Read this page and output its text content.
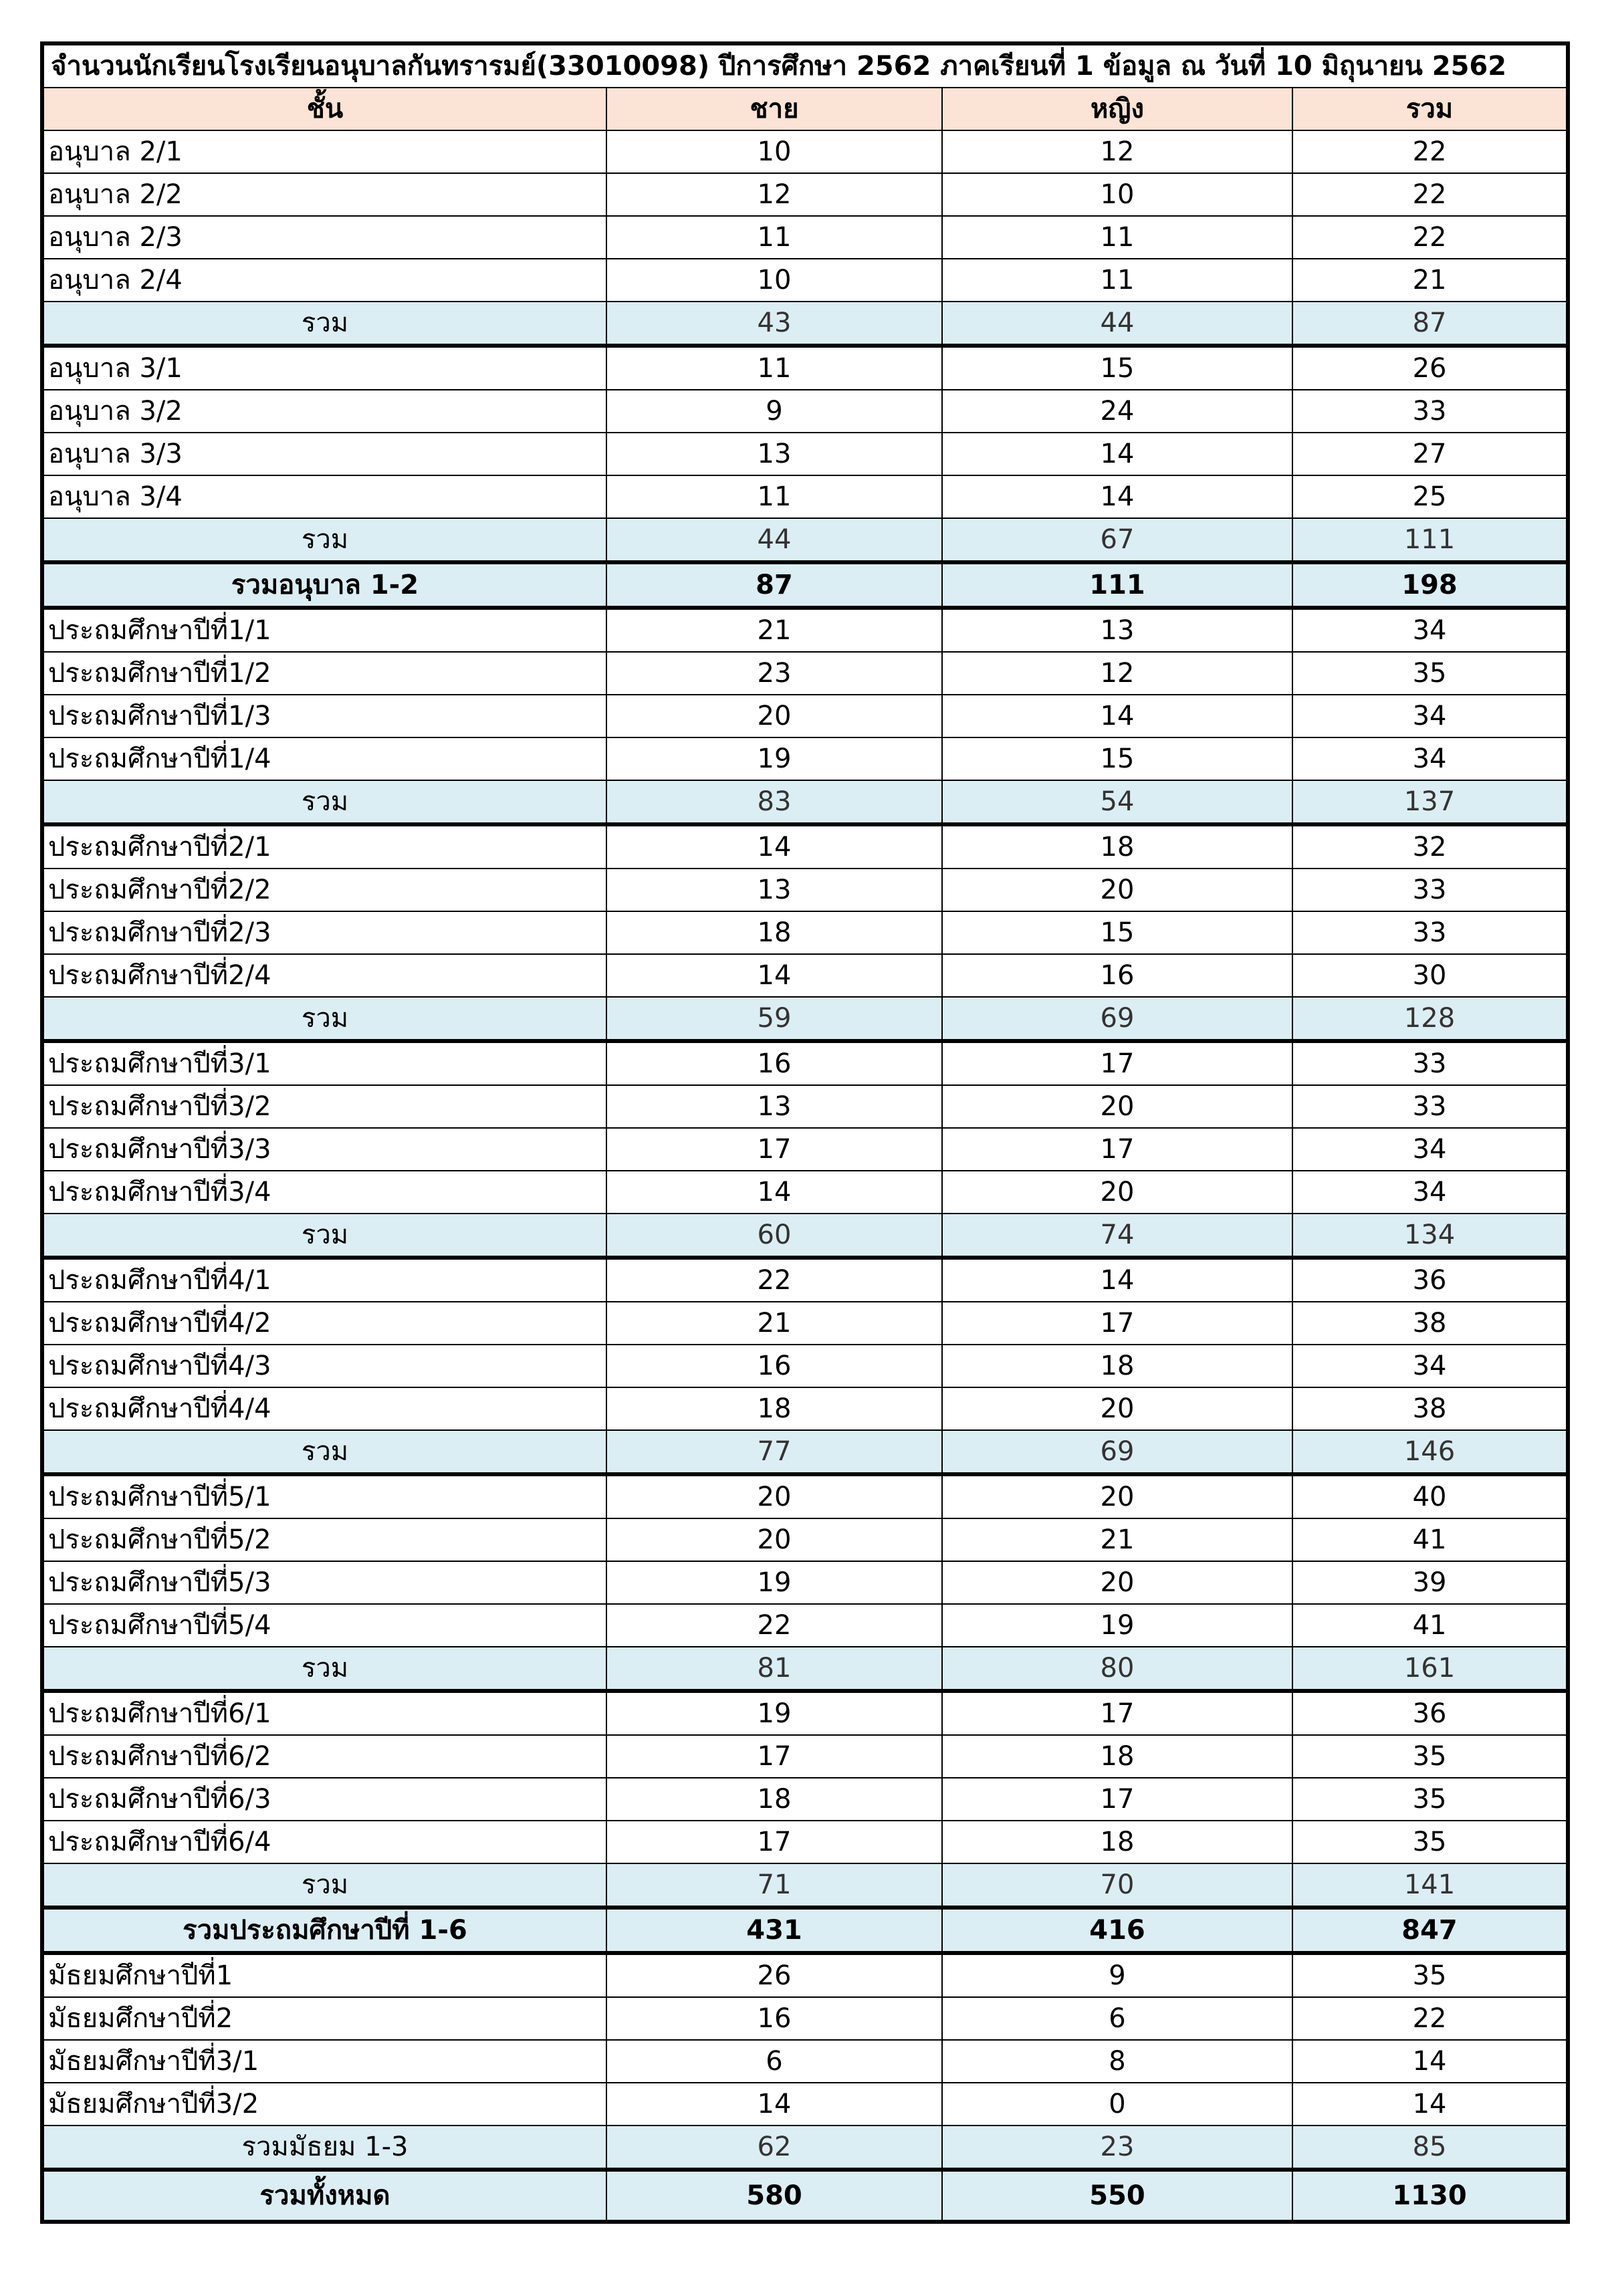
จำนวนนักเรียนโรงเรียนอนุบาลกันทรารมย์(33010098) ปีการศึกษา 2562 ภาคเรียนที่ 1 ข้อมูล ณ วันที่ 10 มิถุนายน 2562			
ชั้น	ชาย	หญิง	รวม
อนุบาล 2/1	10	12	22
อนุบาล 2/2	12	10	22
อนุบาล 2/3	11	11	22
อนุบาล 2/4	10	11	21
รวม	43	44	87
อนุบาล 3/1	11	15	26
อนุบาล 3/2	9	24	33
อนุบาล 3/3	13	14	27
อนุบาล 3/4	11	14	25
รวม	44	67	111
รวมอนุบาล 1-2	87	111	198
ประถมศึกษาปีที่1/1	21	13	34
ประถมศึกษาปีที่1/2	23	12	35
ประถมศึกษาปีที่1/3	20	14	34
ประถมศึกษาปีที่1/4	19	15	34
รวม	83	54	137
ประถมศึกษาปีที่2/1	14	18	32
ประถมศึกษาปีที่2/2	13	20	33
ประถมศึกษาปีที่2/3	18	15	33
ประถมศึกษาปีที่2/4	14	16	30
รวม	59	69	128
ประถมศึกษาปีที่3/1	16	17	33
ประถมศึกษาปีที่3/2	13	20	33
ประถมศึกษาปีที่3/3	17	17	34
ประถมศึกษาปีที่3/4	14	20	34
รวม	60	74	134
ประถมศึกษาปีที่4/1	22	14	36
ประถมศึกษาปีที่4/2	21	17	38
ประถมศึกษาปีที่4/3	16	18	34
ประถมศึกษาปีที่4/4	18	20	38
รวม	77	69	146
ประถมศึกษาปีที่5/1	20	20	40
ประถมศึกษาปีที่5/2	20	21	41
ประถมศึกษาปีที่5/3	19	20	39
ประถมศึกษาปีที่5/4	22	19	41
รวม	81	80	161
ประถมศึกษาปีที่6/1	19	17	36
ประถมศึกษาปีที่6/2	17	18	35
ประถมศึกษาปีที่6/3	18	17	35
ประถมศึกษาปีที่6/4	17	18	35
รวม	71	70	141
รวมประถมศึกษาปีที่ 1-6	431	416	847
มัธยมศึกษาปีที่1	26	9	35
มัธยมศึกษาปีที่2	16	6	22
มัธยมศึกษาปีที่3/1	6	8	14
มัธยมศึกษาปีที่3/2	14	0	14
รวมมัธยม 1-3	62	23	85
รวมทั้งหมด	580	550	1130
